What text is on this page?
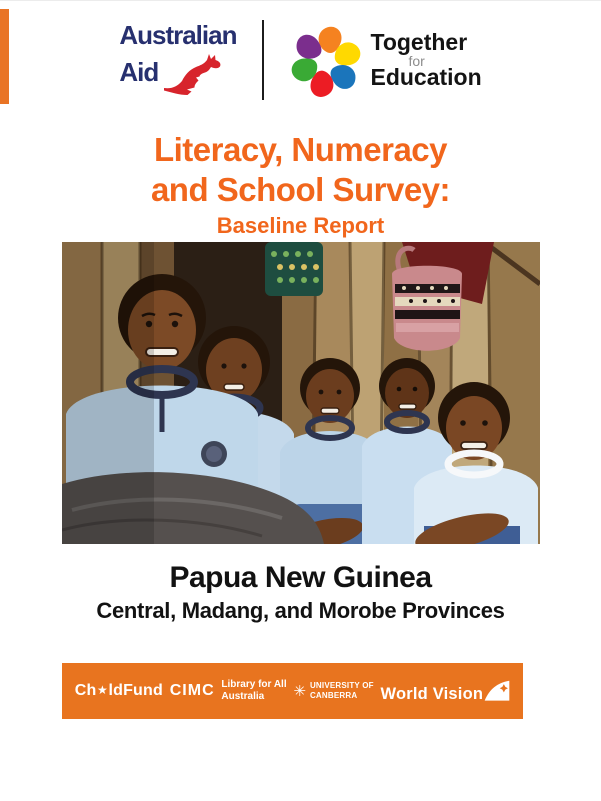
Australian
Aid
Together
for
Education
Literacy, Numeracy
and School Survey:
Baseline Report
Papua New Guinea
Central, Madang, and Morobe Provinces
Ch ★ ldFund CIMC Library for All
Australia	✳ UNIVERSITY OF
CANBERRA	World Vision
